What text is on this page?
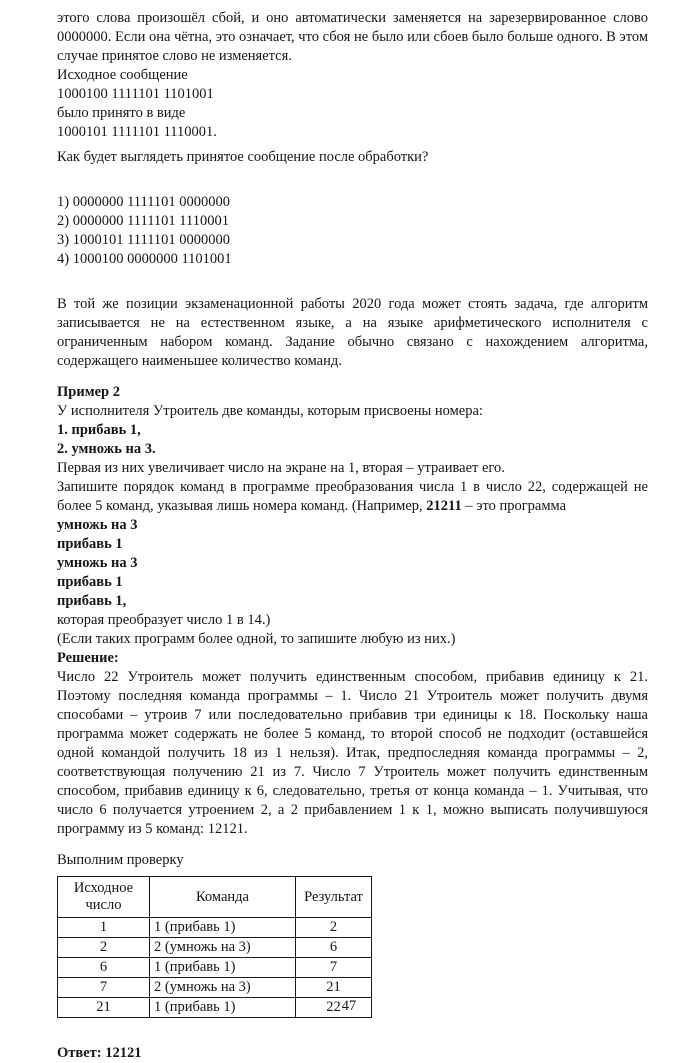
этого слова произошёл сбой, и оно автоматически заменяется на зарезервированное слово 0000000. Если она чётна, это означает, что сбоя не было или сбоев было больше одного. В этом случае принятое слово не изменяется.
Исходное сообщение
1000100 1111101 1101001
было принято в виде
1000101 1111101 1110001.
Как будет выглядеть принятое сообщение после обработки?
1) 0000000 1111101 0000000
2) 0000000 1111101 1110001
3) 1000101 1111101 0000000
4) 1000100 0000000 1101001
В той же позиции экзаменационной работы 2020 года может стоять задача, где алгоритм записывается не на естественном языке, а на языке арифметического исполнителя с ограниченным набором команд. Задание обычно связано с нахождением алгоритма, содержащего наименьшее количество команд.
Пример 2
У исполнителя Утроитель две команды, которым присвоены номера:
1. прибавь 1,
2. умножь на 3.
Первая из них увеличивает число на экране на 1, вторая – утраивает его.
Запишите порядок команд в программе преобразования числа 1 в число 22, содержащей не более 5 команд, указывая лишь номера команд. (Например, 21211 – это программа
умножь на 3
прибавь 1
умножь на 3
прибавь 1
прибавь 1,
которая преобразует число 1 в 14.)
(Если таких программ более одной, то запишите любую из них.)
Решение:
Число 22 Утроитель может получить единственным способом, прибавив единицу к 21. Поэтому последняя команда программы – 1. Число 21 Утроитель может получить двумя способами – утроив 7 или последовательно прибавив три единицы к 18. Поскольку наша программа может содержать не более 5 команд, то второй способ не подходит (оставшейся одной командой получить 18 из 1 нельзя). Итак, предпоследняя команда программы – 2, соответствующая получению 21 из 7. Число 7 Утроитель может получить единственным способом, прибавив единицу к 6, следовательно, третья от конца команда – 1. Учитывая, что число 6 получается утроением 2, а 2 прибавлением 1 к 1, можно выписать получившуюся программу из 5 команд: 12121.
Выполним проверку
Исходное число	Команда	Результат
1	1 (прибавь 1)	2
2	2 (умножь на 3)	6
6	1 (прибавь 1)	7
7	2 (умножь на 3)	21
21	1 (прибавь 1)	22
Ответ: 12121
47
